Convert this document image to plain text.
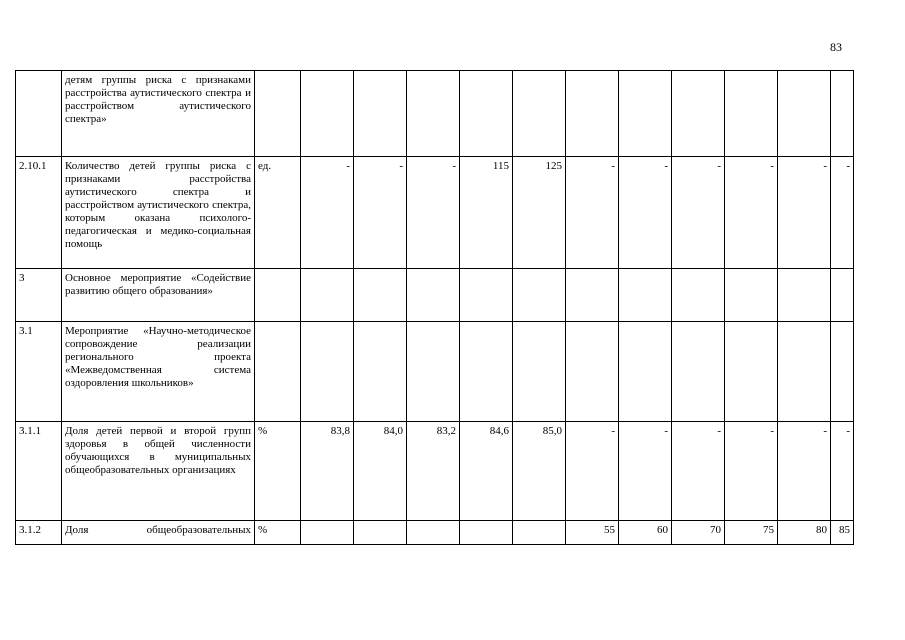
83
	детям группы риска с признаками расстройства аутистического спектра и расстройством аутистического спектра»												
2.10.1	Количество детей группы риска с признаками расстройства аутистического спектра и расстройством аутистического спектра, которым оказана психолого-педагогическая и медико-социальная помощь	ед.	-	-	-	115	125	-	-	-	-	-	-
3	Основное мероприятие «Содействие развитию общего образования»												
3.1	Мероприятие «Научно-методическое сопровождение реализации регионального проекта «Межведомственная система оздоровления школьников»												
3.1.1	Доля детей первой и второй групп здоровья в общей численности обучающихся в муниципальных общеобразовательных организациях	%	83,8	84,0	83,2	84,6	85,0	-	-	-	-	-	-
3.1.2	Доля общеобразовательных	%						55	60	70	75	80	85
